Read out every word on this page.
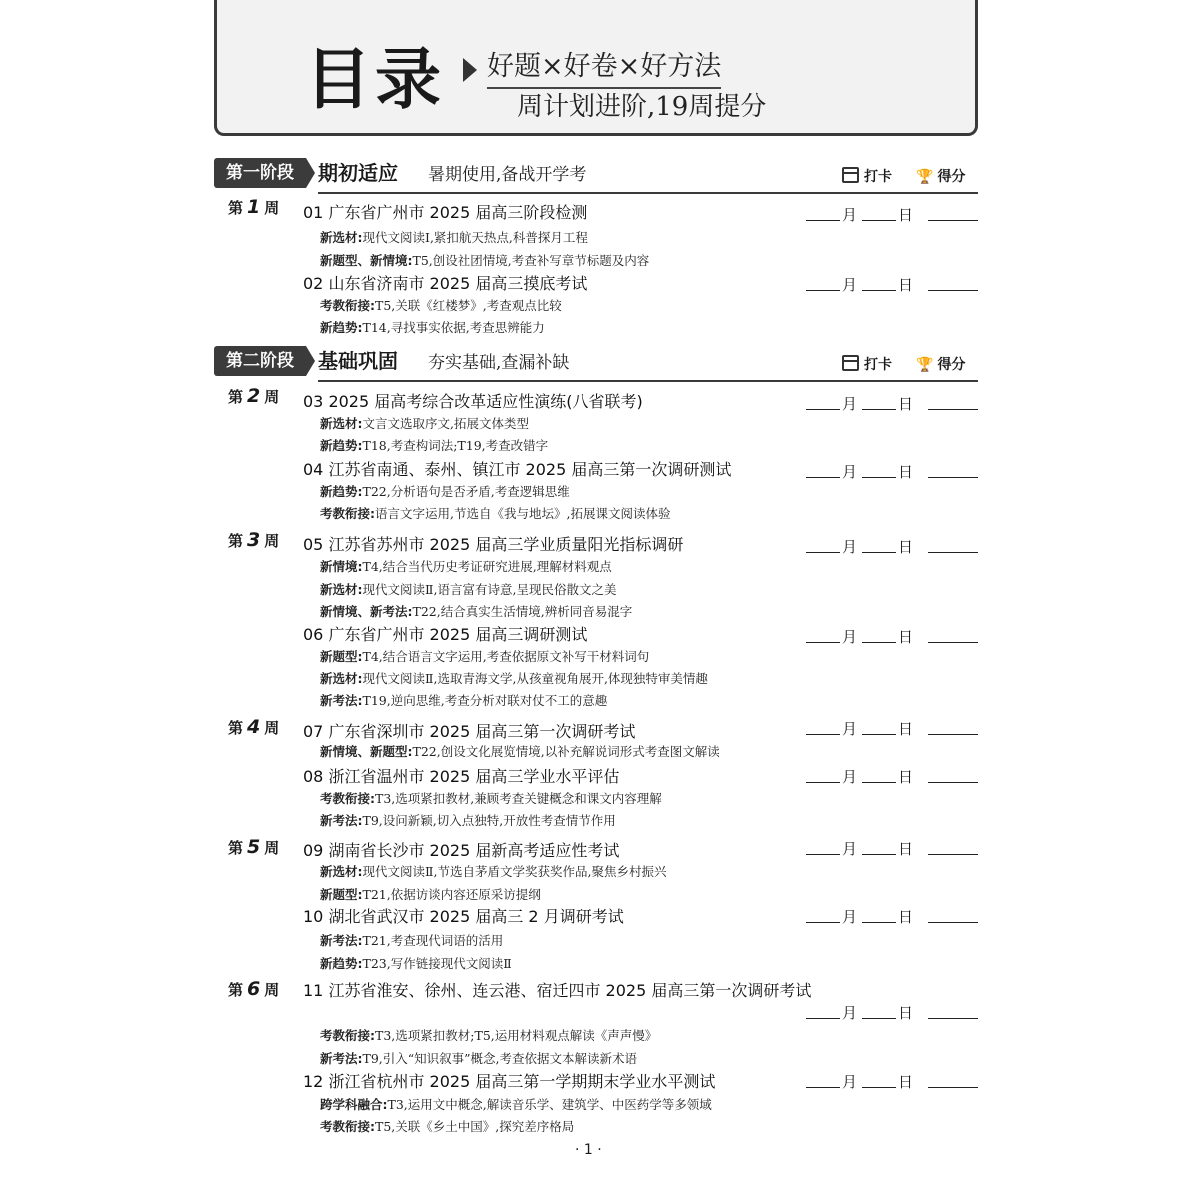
目录 好题×好卷×好方法
周计划进阶,19周提分
第一阶段	期初适应 暑期使用,备战开学考	打卡 🏆 得分
第 1 周 01 广东省广州市 2025 届高三阶段检测	月	日
新选材:现代文阅读Ⅰ,紧扣航天热点,科普探月工程
新题型、新情境:T5,创设社团情境,考查补写章节标题及内容
02 山东省济南市 2025 届高三摸底考试	月	日
考教衔接:T5,关联《红楼梦》,考查观点比较
新趋势:T14,寻找事实依据,考查思辨能力
第二阶段	基础巩固 夯实基础,查漏补缺	打卡 🏆 得分
第 2 周 03 2025 届高考综合改革适应性演练(八省联考)	月	日
新选材:文言文选取序文,拓展文体类型
新趋势:T18,考查构词法;T19,考查改错字
04 江苏省南通、泰州、镇江市 2025 届高三第一次调研测试	月	日
新趋势:T22,分析语句是否矛盾,考查逻辑思维
考教衔接:语言文字运用,节选自《我与地坛》,拓展课文阅读体验
第 3 周 05 江苏省苏州市 2025 届高三学业质量阳光指标调研	月	日
新情境:T4,结合当代历史考证研究进展,理解材料观点
新选材:现代文阅读Ⅱ,语言富有诗意,呈现民俗散文之美
新情境、新考法:T22,结合真实生活情境,辨析同音易混字
06 广东省广州市 2025 届高三调研测试	月	日
新题型:T4,结合语言文字运用,考查依据原文补写干材料词句
新选材:现代文阅读Ⅱ,选取青海文学,从孩童视角展开,体现独特审美情趣
新考法:T19,逆向思维,考查分析对联对仗不工的意趣
第 4 周 07 广东省深圳市 2025 届高三第一次调研考试	月	日
新情境、新题型:T22,创设文化展览情境,以补充解说词形式考查图文解读
08 浙江省温州市 2025 届高三学业水平评估	月	日
考教衔接:T3,选项紧扣教材,兼顾考查关键概念和课文内容理解
新考法:T9,设问新颖,切入点独特,开放性考查情节作用
第 5 周 09 湖南省长沙市 2025 届新高考适应性考试	月	日
新选材:现代文阅读Ⅱ,节选自茅盾文学奖获奖作品,聚焦乡村振兴
新题型:T21,依据访谈内容还原采访提纲
10 湖北省武汉市 2025 届高三 2 月调研考试	月	日
新考法:T21,考查现代词语的活用
新趋势:T23,写作链接现代文阅读Ⅱ
第 6 周 11 江苏省淮安、徐州、连云港、宿迁四市 2025 届高三第一次调研考试
月	日
考教衔接:T3,选项紧扣教材;T5,运用材料观点解读《声声慢》
新考法:T9,引入“知识叙事”概念,考查依据文本解读新术语
12 浙江省杭州市 2025 届高三第一学期期末学业水平测试	月	日
跨学科融合:T3,运用文中概念,解读音乐学、建筑学、中医药学等多领域
考教衔接:T5,关联《乡土中国》,探究差序格局
· 1 ·
